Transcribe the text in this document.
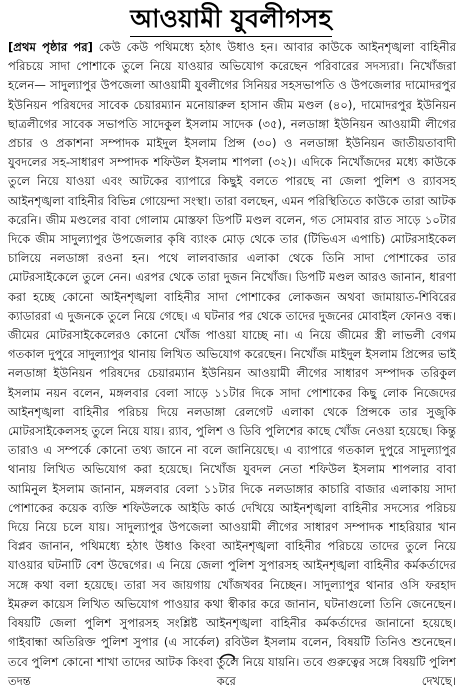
আওয়ামী যুবলীগসহ
[প্রথম পৃষ্ঠার পর] কেউ কেউ পথিমধ্যে হঠাৎ উধাও হন। আবার কাউকে আইনশৃঙ্খলা বাহিনীর পরিচয়ে সাদা পোশাকে তুলে নিয়ে যাওয়ার অভিযোগ করেছেন পরিবারের সদস্যরা। নিখোঁজরা হলেন— সাদুল্যাপুর উপজেলা আওয়ামী যুবলীগের সিনিয়র সহসভাপতি ও উপজেলার দামোদরপুর ইউনিয়ন পরিষদের সাবেক চেয়ারম্যান মনোয়ারুল হাসান জীম মণ্ডল (৪০), দামোদরপুর ইউনিয়ন ছাত্রলীগের সাবেক সভাপতি সাদেকুল ইসলাম সাদেক (৩৫), নলডাঙ্গা ইউনিয়ন আওয়ামী লীগের প্রচার ও প্রকাশনা সম্পাদক মাইদুল ইসলাম প্রিন্স (৩০) ও নলডাঙ্গা ইউনিয়ন জাতীয়তাবাদী যুবদলের সহ-সাধারণ সম্পাদক শফিউল ইসলাম শাপলা (৩২)। এদিকে নিখোঁজদের মধ্যে কাউকে তুলে নিয়ে যাওয়া এবং আটকের ব্যাপারে কিছুই বলতে পারছে না জেলা পুলিশ ও র‍্যাবসহ আইনশৃঙ্খলা বাহিনীর বিভিন্ন গোয়েন্দা সংস্থা। তারা বলছেন, এমন পরিস্থিতিতে কাউকে তারা আটক করেনি। জীম মণ্ডলের বাবা গোলাম মোস্তফা ডিপটি মণ্ডল বলেন, গত সোমবার রাত সাড়ে ১০টার দিকে জীম সাদুল্যাপুর উপজেলার কৃষি ব্যাংক মোড় থেকে তার (টিভিএস এপাচি) মোটরসাইকেল চালিয়ে নলডাঙ্গা রওনা হন। পথে লালবাজার এলাকা থেকে তিনি সাদা পোশাকের তার মোটরসাইকেলে তুলে নেন। এরপর থেকে তারা দুজন নিখোঁজ। ডিপটি মণ্ডল আরও জানান, ধারণা করা হচ্ছে কোনো আইনশৃঙ্খলা বাহিনীর সাদা পোশাকের লোকজন অথবা জামায়াত-শিবিরের ক্যাডাররা এ দুজনকে তুলে নিয়ে গেছে। এ ঘটনার পর থেকে তাদের দুজনের মোবাইল ফোনও বন্ধ। জীমের মোটরসাইকেলেরও কোনো খোঁজ পাওয়া যাচ্ছে না। এ নিয়ে জীমের স্ত্রী লাভলী বেগম গতকাল দুপুরে সাদুল্যাপুর থানায় লিখিত অভিযোগ করেছেন। নিখোঁজ মাইদুল ইসলাম প্রিন্সের ভাই নলডাঙ্গা ইউনিয়ন পরিষদের চেয়ারম্যান ইউনিয়ন আওয়ামী লীগের সাধারণ সম্পাদক তরিকুল ইসলাম নয়ন বলেন, মঙ্গলবার বেলা সাড়ে ১১টার দিকে সাদা পোশাকের কিছু লোক নিজেদের আইনশৃঙ্খলা বাহিনীর পরিচয় দিয়ে নলডাঙ্গা রেলগেট এলাকা থেকে প্রিন্সকে তার সুজুকি মোটরসাইকেলসহ তুলে নিয়ে যায়। র‍্যাব, পুলিশ ও ডিবি পুলিশের কাছে খোঁজ নেওয়া হয়েছে। কিন্তু তারাও এ সম্পর্কে কোনো তথ্য জানে না বলে জানিয়েছে। এ ব্যাপারে গতকাল দুপুরে সাদুল্যাপুর থানায় লিখিত অভিযোগ করা হয়েছে। নিখোঁজ যুবদল নেতা শফিউল ইসলাম শাপলার বাবা আমিনুল ইসলাম জানান, মঙ্গলবার বেলা ১১টার দিকে নলডাঙ্গার কাচারি বাজার এলাকায় সাদা পোশাকের কয়েক ব্যক্তি শফিউলকে আইডি কার্ড দেখিয়ে আইনশৃঙ্খলা বাহিনীর সদস্যের পরিচয় দিয়ে নিয়ে চলে যায়। সাদুল্যাপুর উপজেলা আওয়ামী লীগের সাধারণ সম্পাদক শাহরিয়ার খান বিপ্লব জানান, পথিমধ্যে হঠাৎ উধাও কিংবা আইনশৃঙ্খলা বাহিনীর পরিচয়ে তাদের তুলে নিয়ে যাওয়ার ঘটনাটি বেশ উদ্বেগের। এ নিয়ে জেলা পুলিশ সুপারসহ আইনশৃঙ্খলা বাহিনীর কর্মকর্তাদের সঙ্গে কথা বলা হয়েছে। তারা সব জায়গায় খোঁজখবর নিচ্ছেন। সাদুল্যাপুর থানার ওসি ফরহাদ ইমরুল কায়েস লিখিত অভিযোগ পাওয়ার কথা স্বীকার করে জানান, ঘটনাগুলো তিনি জেনেছেন। বিষয়টি জেলা পুলিশ সুপারসহ সংশ্লিষ্ট আইনশৃঙ্খলা বাহিনীর কর্মকর্তাদের জানানো হয়েছে। গাইবান্ধা অতিরিক্ত পুলিশ সুপার (এ সার্কেল) রবিউল ইসলাম বলেন, বিষয়টি তিনিও শুনেছেন। তবে পুলিশ কোনো শাখা তাদের আটক কিংবা তুলে নিয়ে যায়নি। তবে গুরুত্বের সঙ্গে বিষয়টি পুলিশ তদন্ত করে দেখছে।
